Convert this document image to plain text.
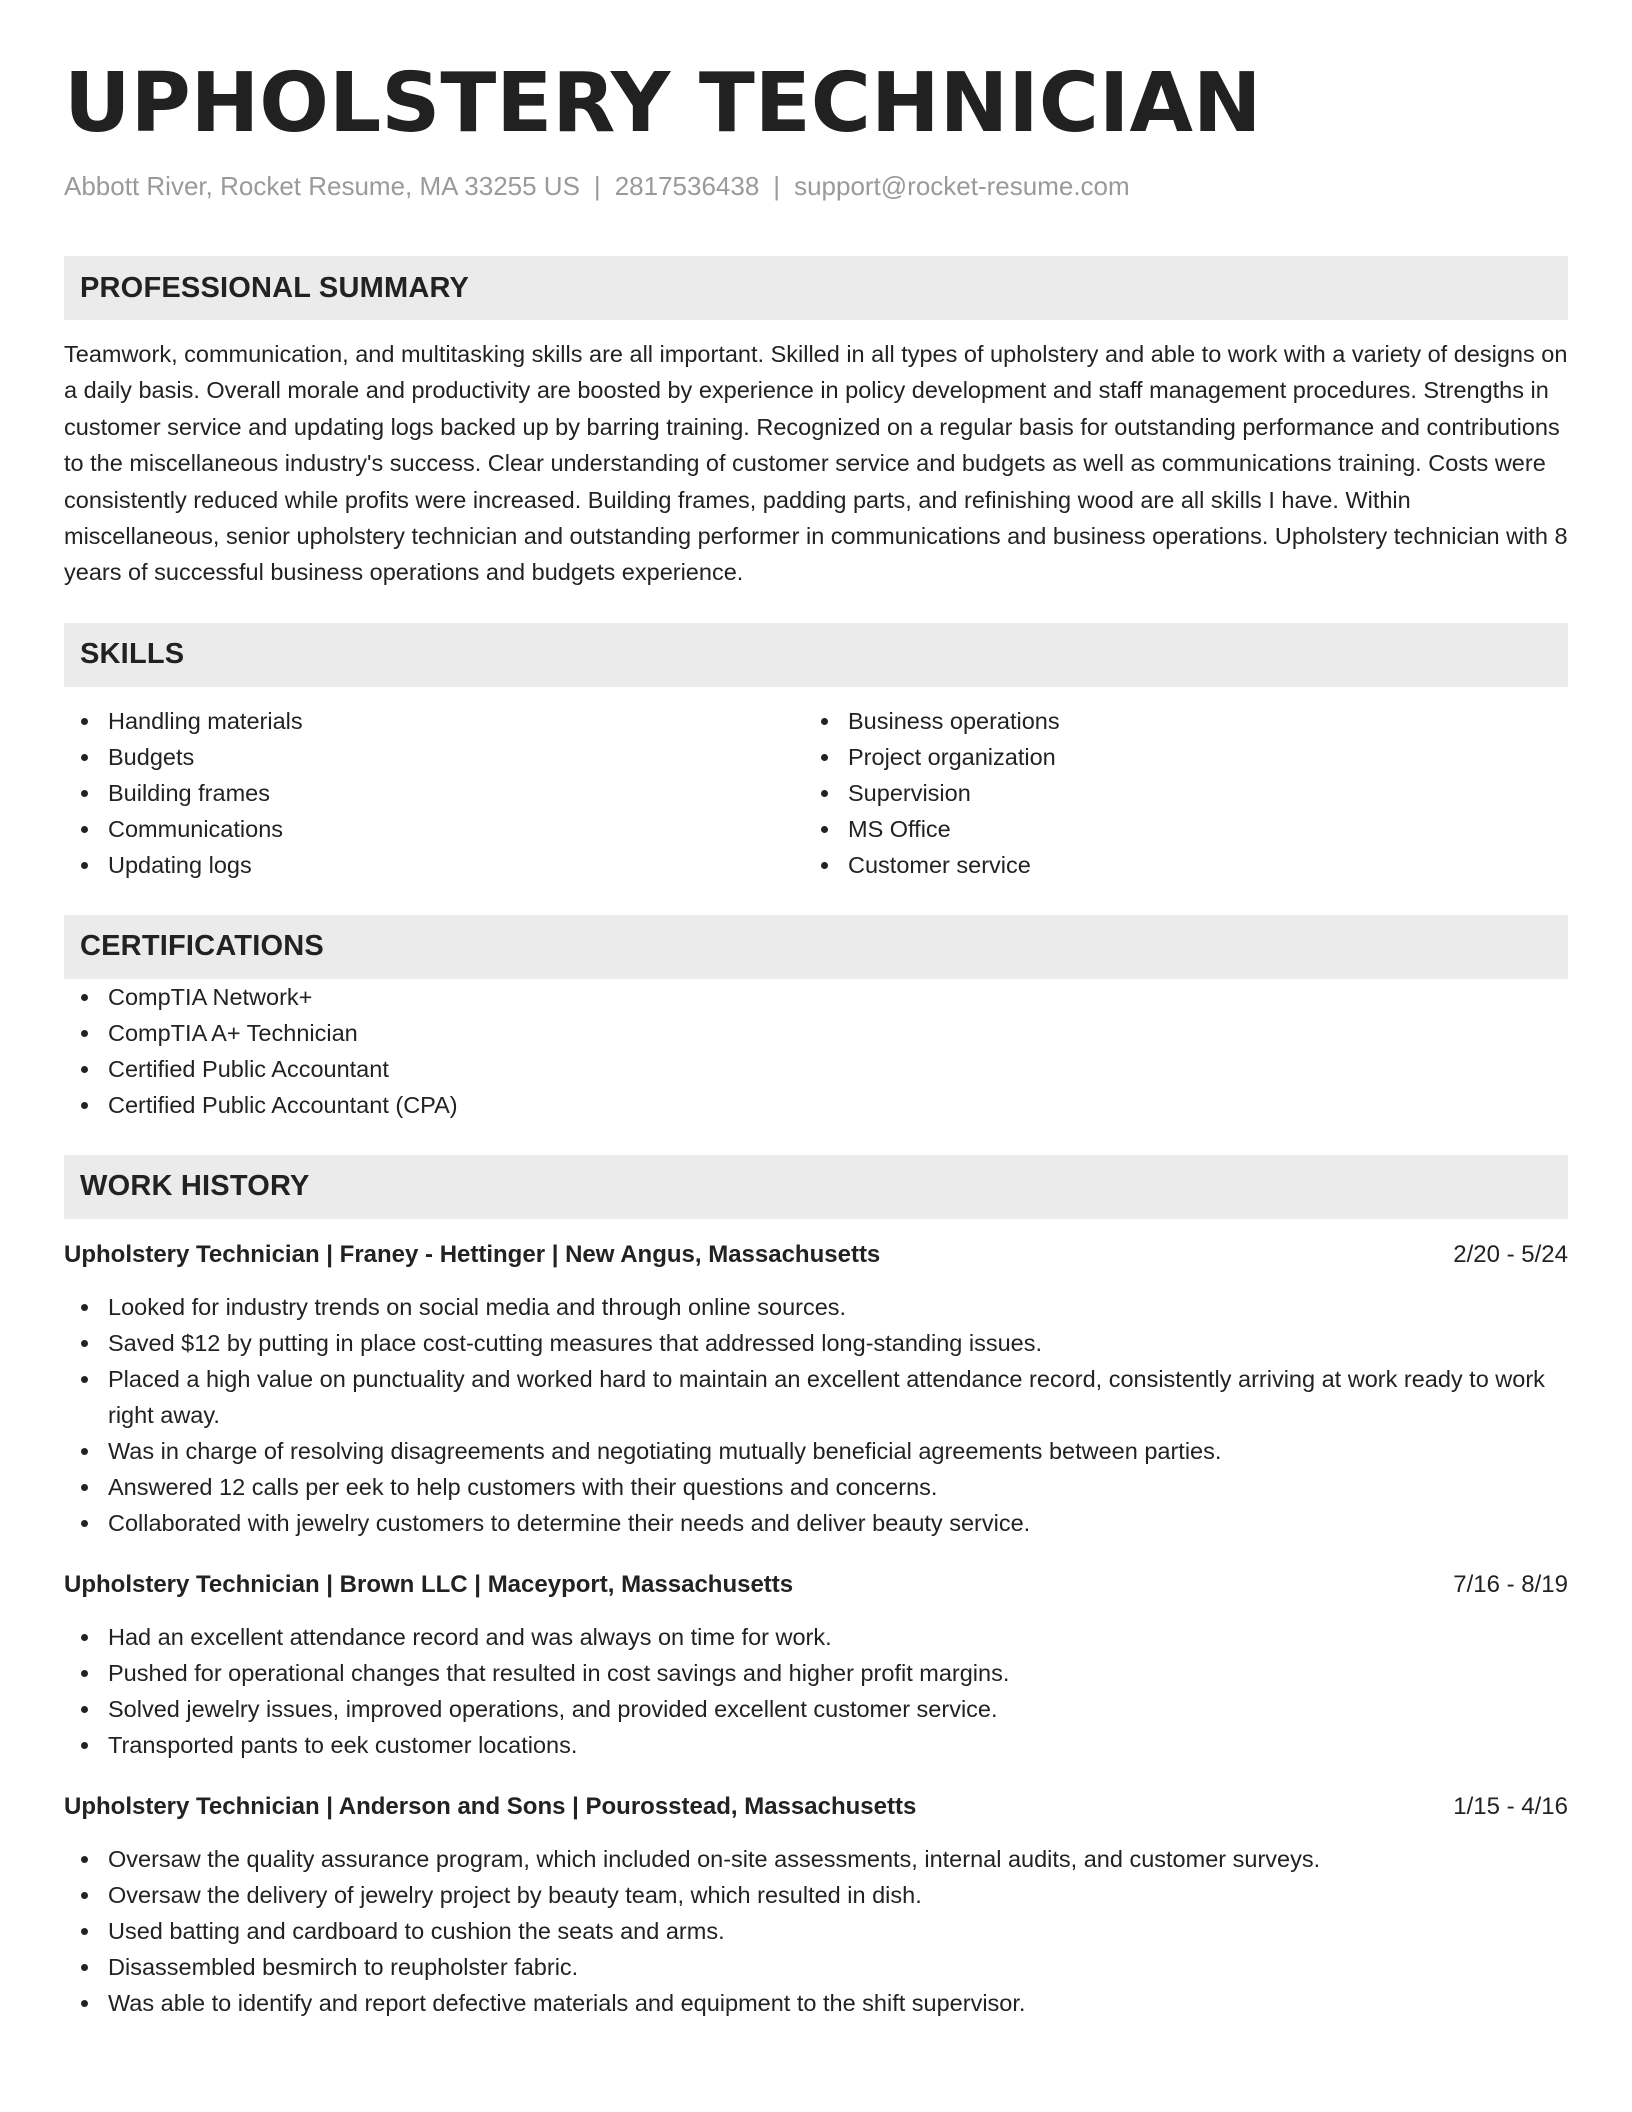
UPHOLSTERY TECHNICIAN
Abbott River, Rocket Resume, MA 33255 US | 2817536438 | support@rocket-resume.com
PROFESSIONAL SUMMARY

Teamwork, communication, and multitasking skills are all important. Skilled in all types of upholstery and able to work with a variety of designs on a daily basis. Overall morale and productivity are boosted by experience in policy development and staff management procedures. Strengths in customer service and updating logs backed up by barring training. Recognized on a regular basis for outstanding performance and contributions to the miscellaneous industry's success. Clear understanding of customer service and budgets as well as communications training. Costs were consistently reduced while profits were increased. Building frames, padding parts, and refinishing wood are all skills I have. Within miscellaneous, senior upholstery technician and outstanding performer in communications and business operations. Upholstery technician with 8 years of successful business operations and budgets experience.

SKILLS
Handling materials
Budgets
Building frames
Communications
Updating logs
Business operations
Project organization
Supervision
MS Office
Customer service
CERTIFICATIONS
CompTIA Network+
CompTIA A+ Technician
Certified Public Accountant
Certified Public Accountant (CPA)
WORK HISTORY
Upholstery Technician | Franey - Hettinger | New Angus, Massachusetts	2/20 - 5/24
Looked for industry trends on social media and through online sources.
Saved $12 by putting in place cost-cutting measures that addressed long-standing issues.
Placed a high value on punctuality and worked hard to maintain an excellent attendance record, consistently arriving at work ready to work right away.
Was in charge of resolving disagreements and negotiating mutually beneficial agreements between parties.
Answered 12 calls per eek to help customers with their questions and concerns.
Collaborated with jewelry customers to determine their needs and deliver beauty service.
Upholstery Technician | Brown LLC | Maceyport, Massachusetts	7/16 - 8/19
Had an excellent attendance record and was always on time for work.
Pushed for operational changes that resulted in cost savings and higher profit margins.
Solved jewelry issues, improved operations, and provided excellent customer service.
Transported pants to eek customer locations.
Upholstery Technician | Anderson and Sons | Pourosstead, Massachusetts	1/15 - 4/16
Oversaw the quality assurance program, which included on-site assessments, internal audits, and customer surveys.
Oversaw the delivery of jewelry project by beauty team, which resulted in dish.
Used batting and cardboard to cushion the seats and arms.
Disassembled besmirch to reupholster fabric.
Was able to identify and report defective materials and equipment to the shift supervisor.
